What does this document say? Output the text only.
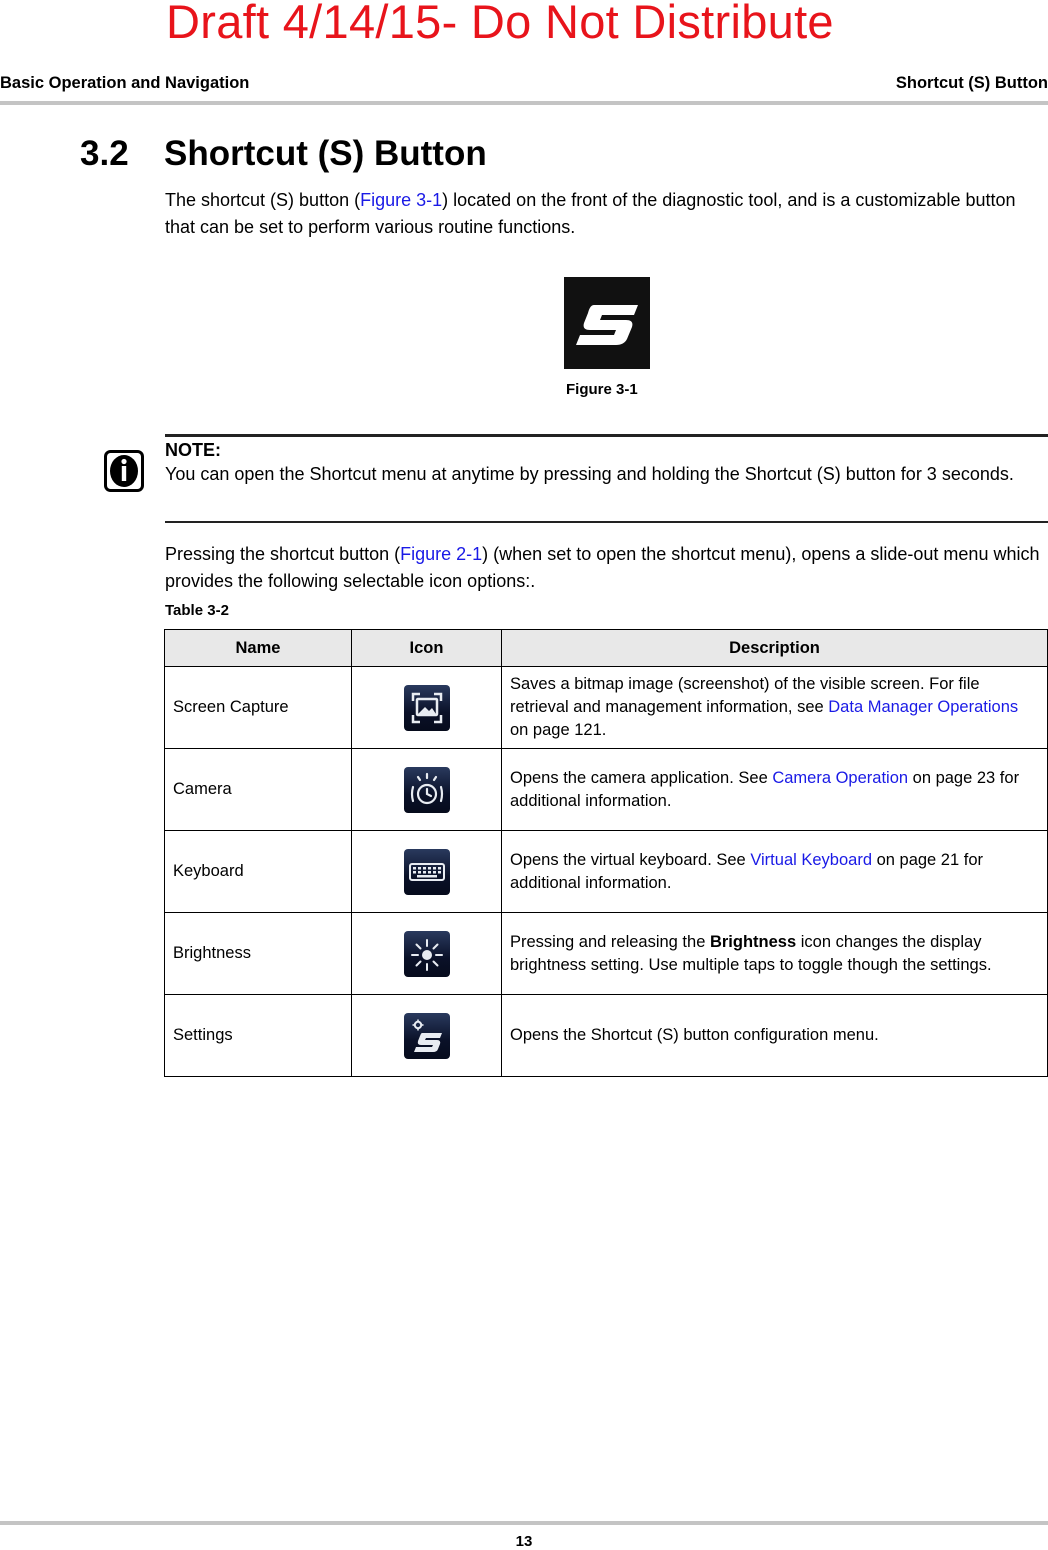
Draft 4/14/15- Do Not Distribute
Basic Operation and Navigation	Shortcut (S) Button
3.2 Shortcut (S) Button
The shortcut (S) button (Figure 3-1) located on the front of the diagnostic tool, and is a customizable button that can be set to perform various routine functions.
Figure 3-1
NOTE:
You can open the Shortcut menu at anytime by pressing and holding the Shortcut (S) button for 3 seconds.
Pressing the shortcut button (Figure 2-1) (when set to open the shortcut menu), opens a slide-out menu which provides the following selectable icon options:.
Table 3-2
Name	Icon	Description
Screen Capture		Saves a bitmap image (screenshot) of the visible screen. For file retrieval and management information, see Data Manager Operations on page 121.
Camera		Opens the camera application. See Camera Operation on page 23 for additional information.
Keyboard		Opens the virtual keyboard. See Virtual Keyboard on page 21 for additional information.
Brightness		Pressing and releasing the Brightness icon changes the display brightness setting. Use multiple taps to toggle though the settings.
Settings		Opens the Shortcut (S) button configuration menu.
13
